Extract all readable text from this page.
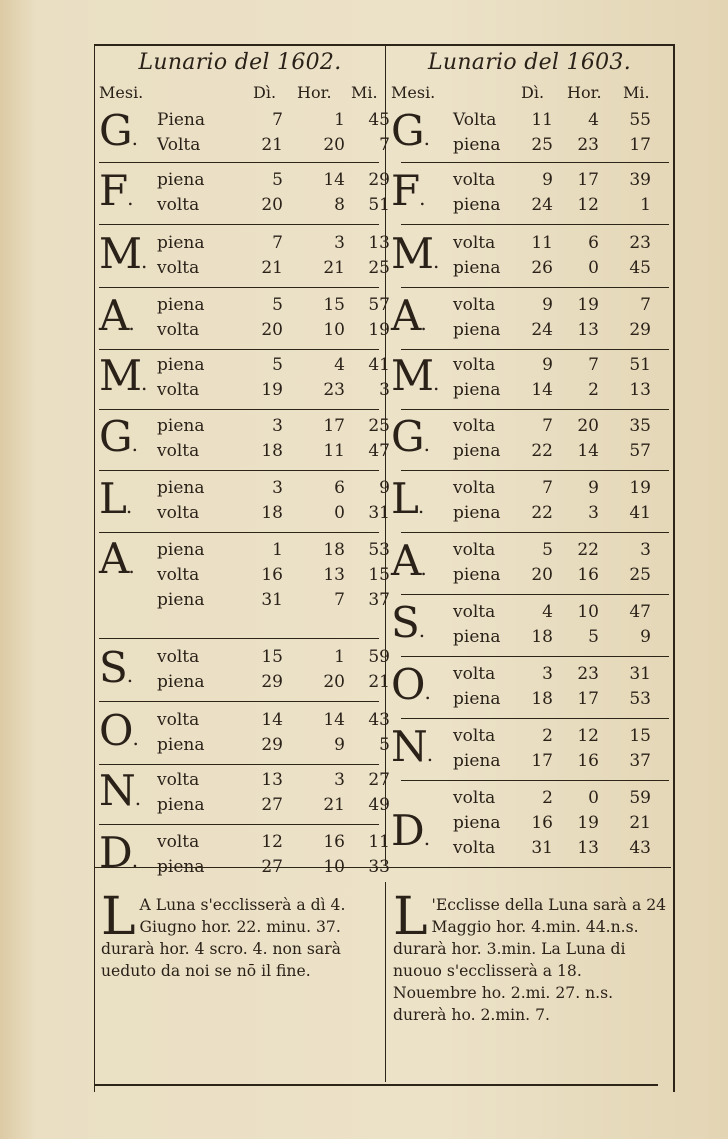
Lunario del 1602.
Mesi.	Dì. Hor. Mi.
G.
Piena	7	1	45
Volta	21	20	7
F.
piena	5	14	29
volta	20	8	51
M.
piena	7	3	13
volta	21	21	25
A.
piena	5	15	57
volta	20	10	19
M.
piena	5	4	41
volta	19	23	3
G.
piena	3	17	25
volta	18	11	47
L.
piena	3	6	9
volta	18	0	31
A.
piena	1	18	53
volta	16	13	15
piena	31	7	37
S.
volta	15	1	59
piena	29	20	21
O.
volta	14	14	43
piena	29	9	5
N.
volta	13	3	27
piena	27	21	49
D.
volta	12	16	11
piena	27	10	33
Lunario del 1603.
Mesi.	Dì. Hor. Mi.
G.
Volta	11	4	55
piena	25	23	17
F.
volta	9	17	39
piena	24	12	1
M.
volta	11	6	23
piena	26	0	45
A.
volta	9	19	7
piena	24	13	29
M.
volta	9	7	51
piena	14	2	13
G.
volta	7	20	35
piena	22	14	57
L.
volta	7	9	19
piena	22	3	41
A.
volta	5	22	3
piena	20	16	25
S.
volta	4	10	47
piena	18	5	9
O.
volta	3	23	31
piena	18	17	53
N.
volta	2	12	15
piena	17	16	37
D.
volta	2	0	59
piena	16	19	21
volta	31	13	43

L A Luna s'ecclisserà a dì 4. Giugno hor. 22. minu. 37. durarà hor. 4 scro. 4. non sarà ueduto da noi se nō il fine.

L 'Ecclisse della Luna sarà a 24 Maggio hor. 4.min. 44.n.s. durarà hor. 3.min. La Luna di nuouo s'ecclisserà a 18. Nouembre ho. 2.mi. 27. n.s. durerà ho. 2.min. 7.
